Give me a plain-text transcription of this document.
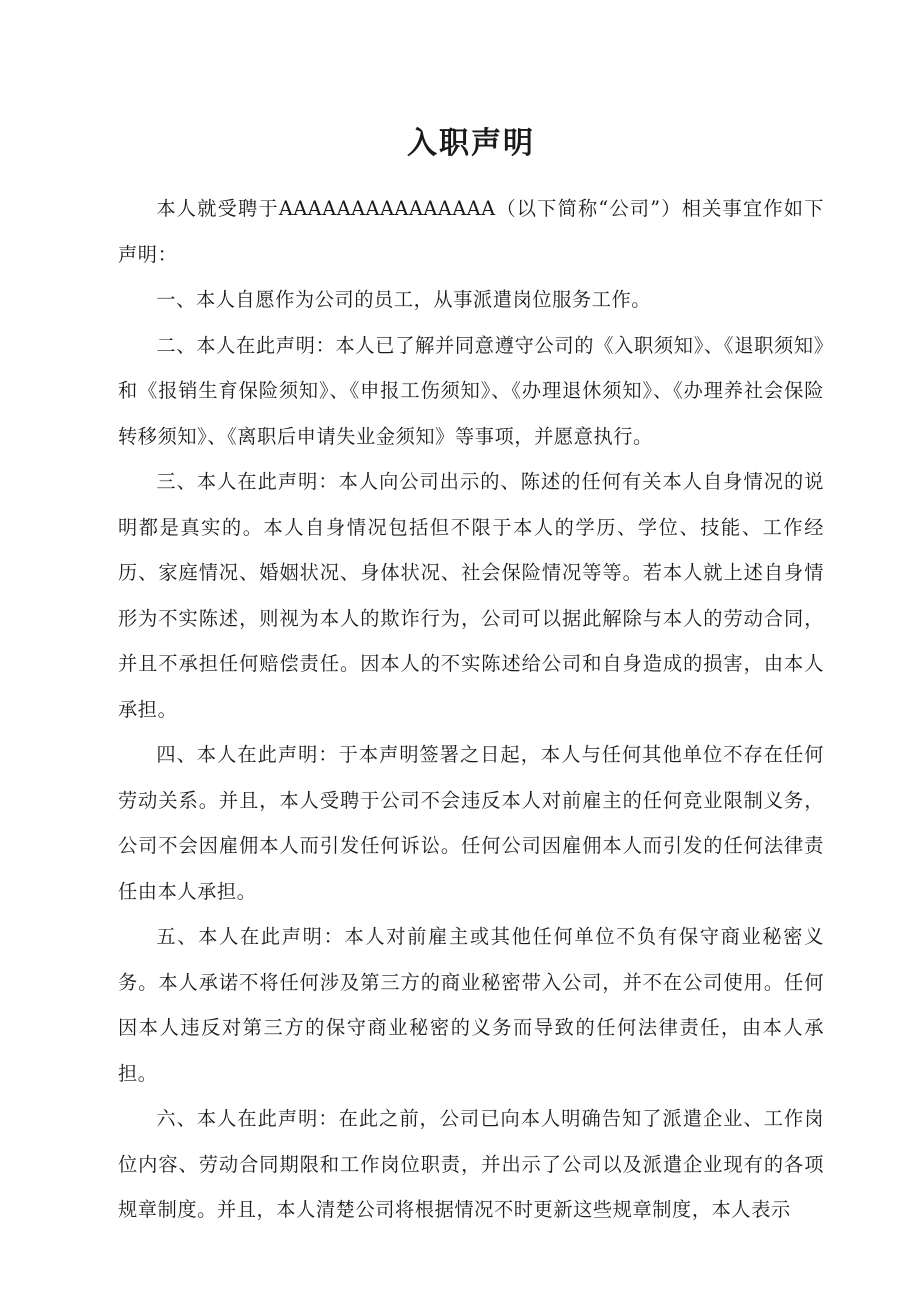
入职声明

本人就受聘于AAAAAAAAAAAAAAA（以下简称“公司”）相关事宜作如下声明：

一、本人自愿作为公司的员工，从事派遣岗位服务工作。

二、本人在此声明：本人已了解并同意遵守公司的《入职须知》、《退职须知》和《报销生育保险须知》、《申报工伤须知》、《办理退休须知》、《办理养社会保险转移须知》、《离职后申请失业金须知》等事项，并愿意执行。

三、本人在此声明：本人向公司出示的、陈述的任何有关本人自身情况的说明都是真实的。本人自身情况包括但不限于本人的学历、学位、技能、工作经历、家庭情况、婚姻状况、身体状况、社会保险情况等等。若本人就上述自身情形为不实陈述，则视为本人的欺诈行为，公司可以据此解除与本人的劳动合同，并且不承担任何赔偿责任。因本人的不实陈述给公司和自身造成的损害，由本人承担。

四、本人在此声明：于本声明签署之日起，本人与任何其他单位不存在任何劳动关系。并且，本人受聘于公司不会违反本人对前雇主的任何竞业限制义务，公司不会因雇佣本人而引发任何诉讼。任何公司因雇佣本人而引发的任何法律责任由本人承担。

五、本人在此声明：本人对前雇主或其他任何单位不负有保守商业秘密义务。本人承诺不将任何涉及第三方的商业秘密带入公司，并不在公司使用。任何因本人违反对第三方的保守商业秘密的义务而导致的任何法律责任，由本人承担。

六、本人在此声明：在此之前，公司已向本人明确告知了派遣企业、工作岗位内容、劳动合同期限和工作岗位职责，并出示了公司以及派遣企业现有的各项规章制度。并且，本人清楚公司将根据情况不时更新这些规章制度，本人表示
